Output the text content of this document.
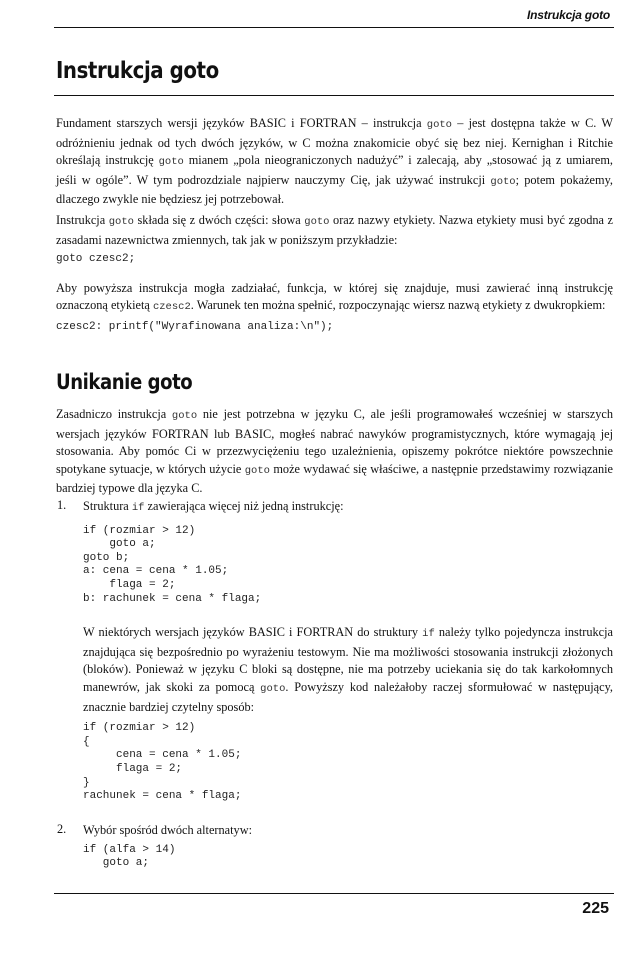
Instrukcja goto
Instrukcja goto

Fundament starszych wersji języków BASIC i FORTRAN – instrukcja goto – jest dostępna także w C. W odróżnieniu jednak od tych dwóch języków, w C można znakomicie obyć się bez niej. Kernighan i Ritchie określają instrukcję goto mianem „pola nieograniczonych nadużyć” i zalecają, aby „stosować ją z umiarem, jeśli w ogóle”. W tym podrozdziale najpierw nauczymy Cię, jak używać instrukcji goto; potem pokażemy, dlaczego zwykle nie będziesz jej potrzebował.

Instrukcja goto składa się z dwóch części: słowa goto oraz nazwy etykiety. Nazwa etykiety musi być zgodna z zasadami nazewnictwa zmiennych, tak jak w poniższym przykładzie:

goto czesc2;

Aby powyższa instrukcja mogła zadziałać, funkcja, w której się znajduje, musi zawierać inną instrukcję oznaczoną etykietą czesc2. Warunek ten można spełnić, rozpoczynając wiersz nazwą etykiety z dwukropkiem:

czesc2: printf("Wyrafinowana analiza:\n");
Unikanie goto

Zasadniczo instrukcja goto nie jest potrzebna w języku C, ale jeśli programowałeś wcześniej w starszych wersjach języków FORTRAN lub BASIC, mogłeś nabrać nawyków programistycznych, które wymagają jej stosowania. Aby pomóc Ci w przezwyciężeniu tego uzależnienia, opiszemy pokrótce niektóre powszechnie spotykane sytuacje, w których użycie goto może wydawać się właściwe, a następnie przedstawimy rozwiązanie bardziej typowe dla języka C.

1. Struktura if zawierająca więcej niż jedną instrukcję:

if (rozmiar > 12)
goto a;
goto b;
a: cena = cena * 1.05;
flaga = 2;
b: rachunek = cena * flaga;

W niektórych wersjach języków BASIC i FORTRAN do struktury if należy tylko pojedyncza instrukcja znajdująca się bezpośrednio po wyrażeniu testowym. Nie ma możliwości stosowania instrukcji złożonych (bloków). Ponieważ w języku C bloki są dostępne, nie ma potrzeby uciekania się do tak karkołomnych manewrów, jak skoki za pomocą goto. Powyższy kod należałoby raczej sformułować w następujący, znacznie bardziej czytelny sposób:

if (rozmiar > 12)
{
cena = cena * 1.05;
flaga = 2;
}
rachunek = cena * flaga;
2. Wybór spośród dwóch alternatyw:

if (alfa > 14)
goto a;
225
